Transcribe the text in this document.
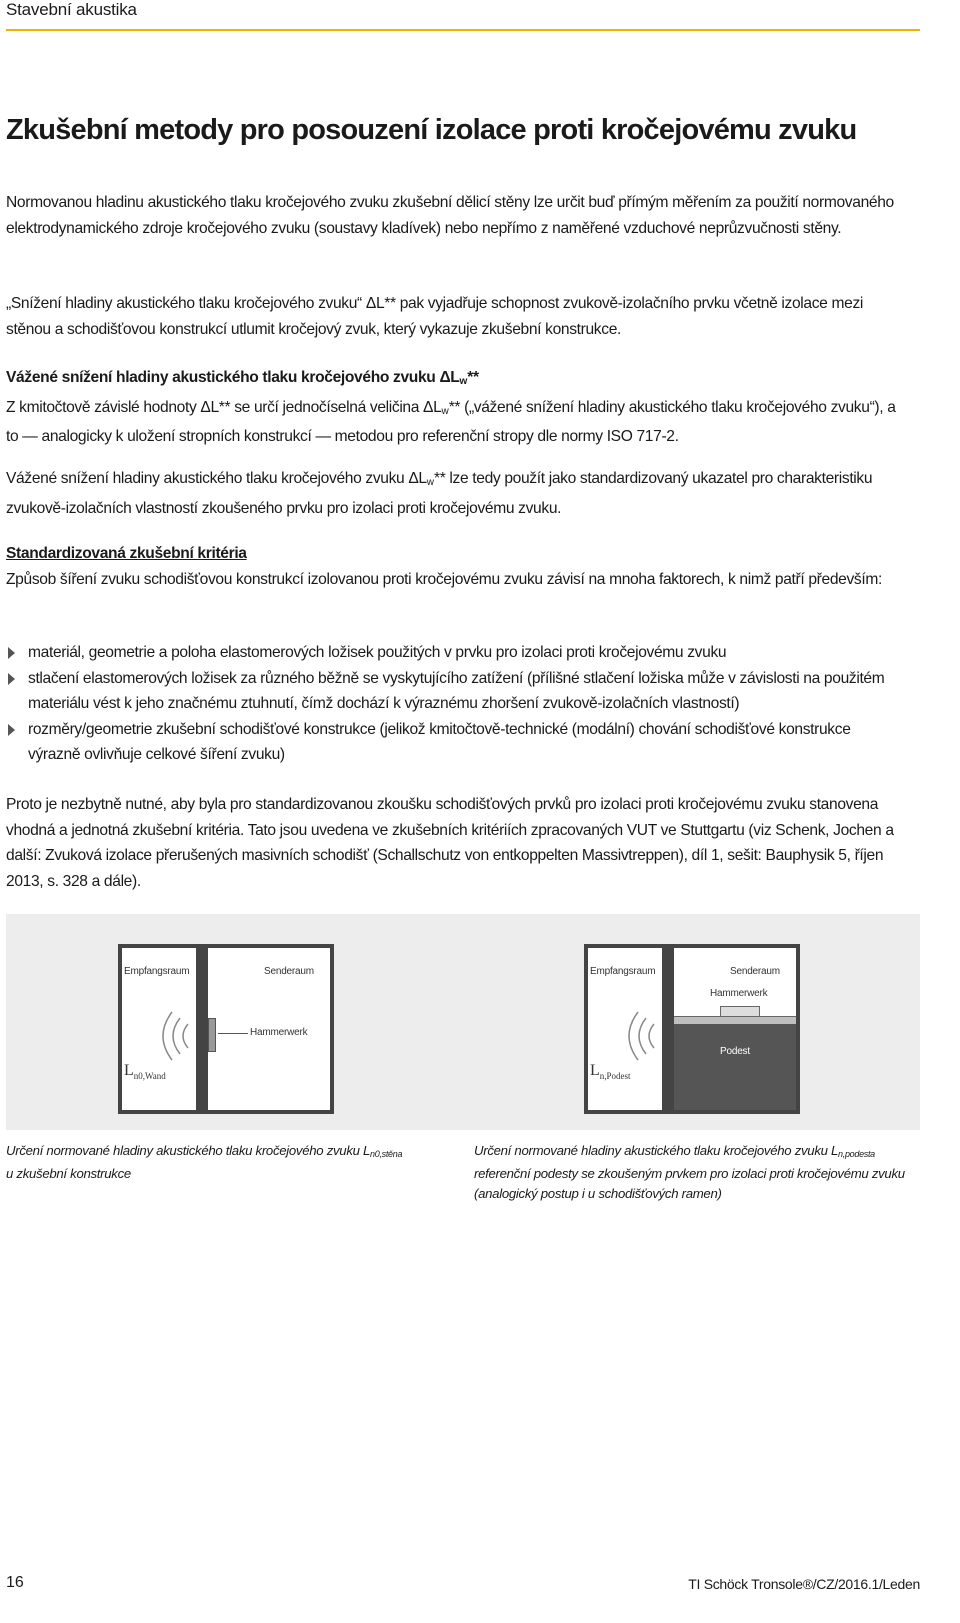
Stavební akustika
Zkušební metody pro posouzení izolace proti kročejovému zvuku

Normovanou hladinu akustického tlaku kročejového zvuku zkušební dělicí stěny lze určit buď přímým měřením za použití normovaného elektrodynamického zdroje kročejového zvuku (soustavy kladívek) nebo nepřímo z naměřené vzduchové neprůzvučnosti stěny.

„Snížení hladiny akustického tlaku kročejového zvuku“ ΔL** pak vyjadřuje schopnost zvukově-izolačního prvku včetně izolace mezi stěnou a schodišťovou konstrukcí utlumit kročejový zvuk, který vykazuje zkušební konstrukce.

Vážené snížení hladiny akustického tlaku kročejového zvuku $\Delta L_w**$
Z kmitočtově závislé hodnoty ΔL** se určí jednočíselná veličina $\Delta L_w**$ („vážené snížení hladiny akustického tlaku kročejového zvuku“), a to — analogicky k uložení stropních konstrukcí — metodou pro referenční stropy dle normy ISO 717-2.

Vážené snížení hladiny akustického tlaku kročejového zvuku $\Delta L_w**$ lze tedy použít jako standardizovaný ukazatel pro charakteristiku zvukově-izolačních vlastností zkoušeného prvku pro izolaci proti kročejovému zvuku.

Standardizovaná zkušební kritéria
Způsob šíření zvuku schodišťovou konstrukcí izolovanou proti kročejovému zvuku závisí na mnoha faktorech, k nimž patří především:

materiál, geometrie a poloha elastomerových ložisek použitých v prvku pro izolaci proti kročejovému zvuku
stlačení elastomerových ložisek za různého běžně se vyskytujícího zatížení (přílišné stlačení ložiska může v závislosti na použitém materiálu vést k jeho značnému ztuhnutí, čímž dochází k výraznému zhoršení zvukově-izolačních vlastností)
rozměry/geometrie zkušební schodišťové konstrukce (jelikož kmitočtově-technické (modální) chování schodišťové konstrukce výrazně ovlivňuje celkové šíření zvuku)

Proto je nezbytně nutné, aby byla pro standardizovanou zkoušku schodišťových prvků pro izolaci proti kročejovému zvuku stanovena vhodná a jednotná zkušební kritéria. Tato jsou uvedena ve zkušebních kritériích zpracovaných VUT ve Stuttgartu (viz Schenk, Jochen a další: Zvuková izolace přerušených masivních schodišť (Schallschutz von entkoppelten Massivtreppen), díl 1, sešit: Bauphysik 5, říjen 2013, s. 328 a dále).

Empfangsraum	Senderaum
Hammerwerk
$L_{n0,Wand}$
Empfangsraum	Senderaum
Hammerwerk
Podest
$L_{n,Podest}$

Určení normované hladiny akustického tlaku kročejového zvuku Ln0,stěna
u zkušební konstrukce

Určení normované hladiny akustického tlaku kročejového zvuku Ln,podesta
referenční podesty se zkoušeným prvkem pro izolaci proti kročejovému zvuku (analogický postup i u schodišťových ramen)

16	TI Schöck Tronsole®/CZ/2016.1/Leden
